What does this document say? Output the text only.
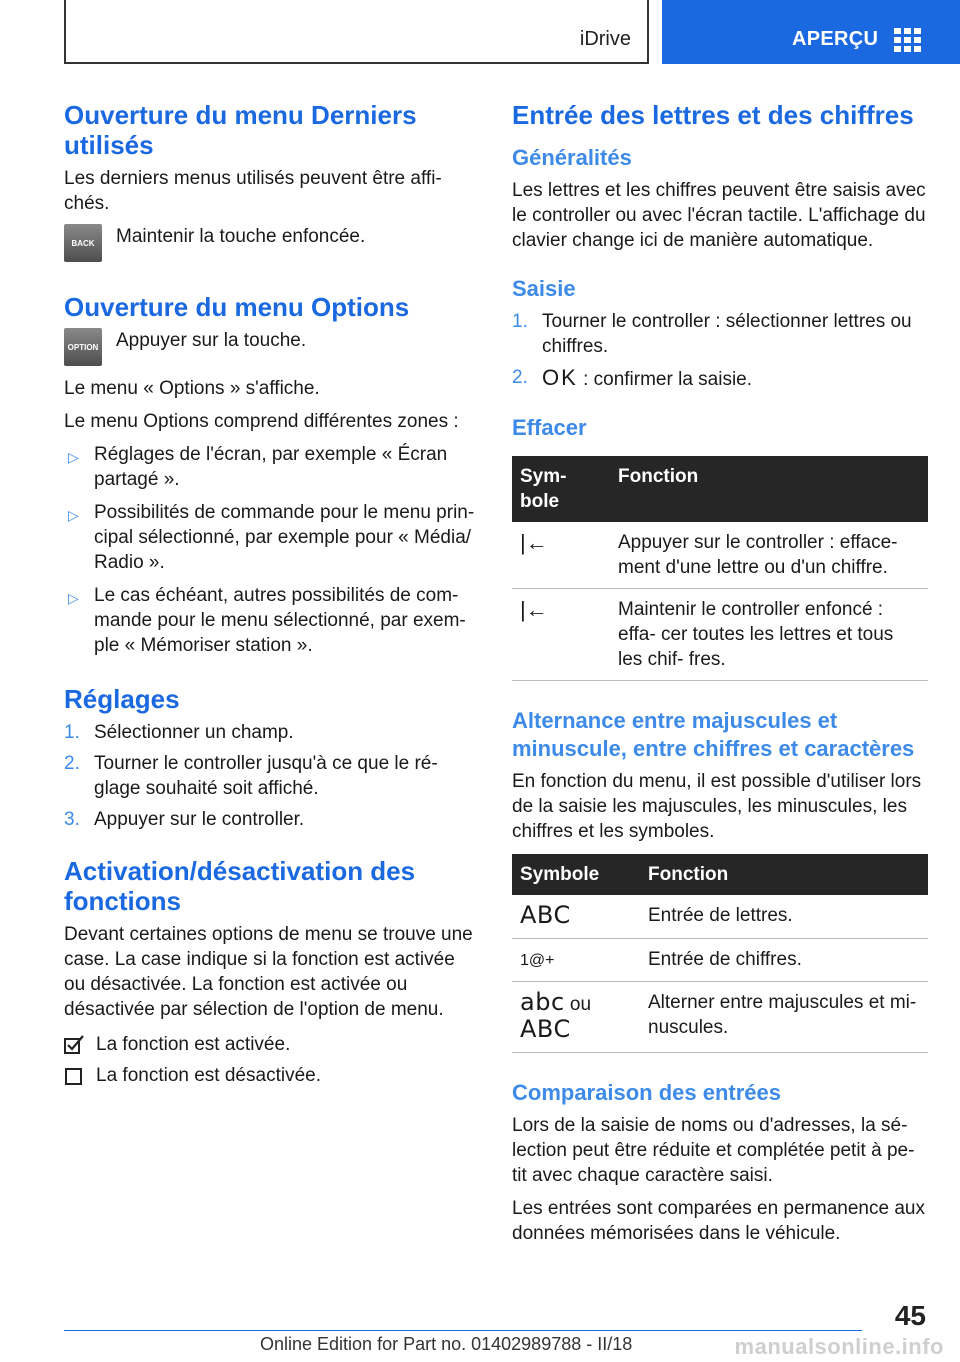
iDrive	APERÇU
Ouverture du menu Derniers utilisés

Les derniers menus utilisés peuvent être affi‐ chés.

BACK	Maintenir la touche enfoncée.
Ouverture du menu Options
OPTION Appuyer sur la touche.

Le menu « Options » s'affiche.

Le menu Options comprend différentes zones :

▷ Réglages de l'écran, par exemple « Écran partagé ».
▷ Possibilités de commande pour le menu prin‐ cipal sélectionné, par exemple pour « Média/ Radio ».
▷ Le cas échéant, autres possibilités de com‐ mande pour le menu sélectionné, par exem‐ ple « Mémoriser station ».
Réglages
1. Sélectionner un champ.
2. Tourner le controller jusqu'à ce que le ré‐ glage souhaité soit affiché.
3. Appuyer sur le controller.
Activation/désactivation des fonctions

Devant certaines options de menu se trouve une case. La case indique si la fonction est activée ou désactivée. La fonction est activée ou désactivée par sélection de l'option de menu.

La fonction est activée.
La fonction est désactivée.
Entrée des lettres et des chiffres
Généralités

Les lettres et les chiffres peuvent être saisis avec le controller ou avec l'écran tactile. L'affichage du clavier change ici de manière automatique.

Saisie
1. Tourner le controller : sélectionner lettres ou chiffres.
2. OK : confirmer la saisie.
Effacer
Sym‐ bole	Fonction
|←	Appuyer sur le controller : efface‐ ment d'une lettre ou d'un chiffre.
|←	Maintenir le controller enfoncé : effa‐ cer toutes les lettres et tous les chif‐ fres.
Alternance entre majuscules et minuscule, entre chiffres et caractères

En fonction du menu, il est possible d'utiliser lors de la saisie les majuscules, les minuscules, les chiffres et les symboles.

Symbole	Fonction
ABC	Entrée de lettres.
1@+	Entrée de chiffres.
abc ou
ABC	Alterner entre majuscules et mi‐ nuscules.
Comparaison des entrées

Lors de la saisie de noms ou d'adresses, la sé‐ lection peut être réduite et complétée petit à pe‐ tit avec chaque caractère saisi.

Les entrées sont comparées en permanence aux données mémorisées dans le véhicule.

45
Online Edition for Part no. 01402989788 - II/18	manualsonline.info
